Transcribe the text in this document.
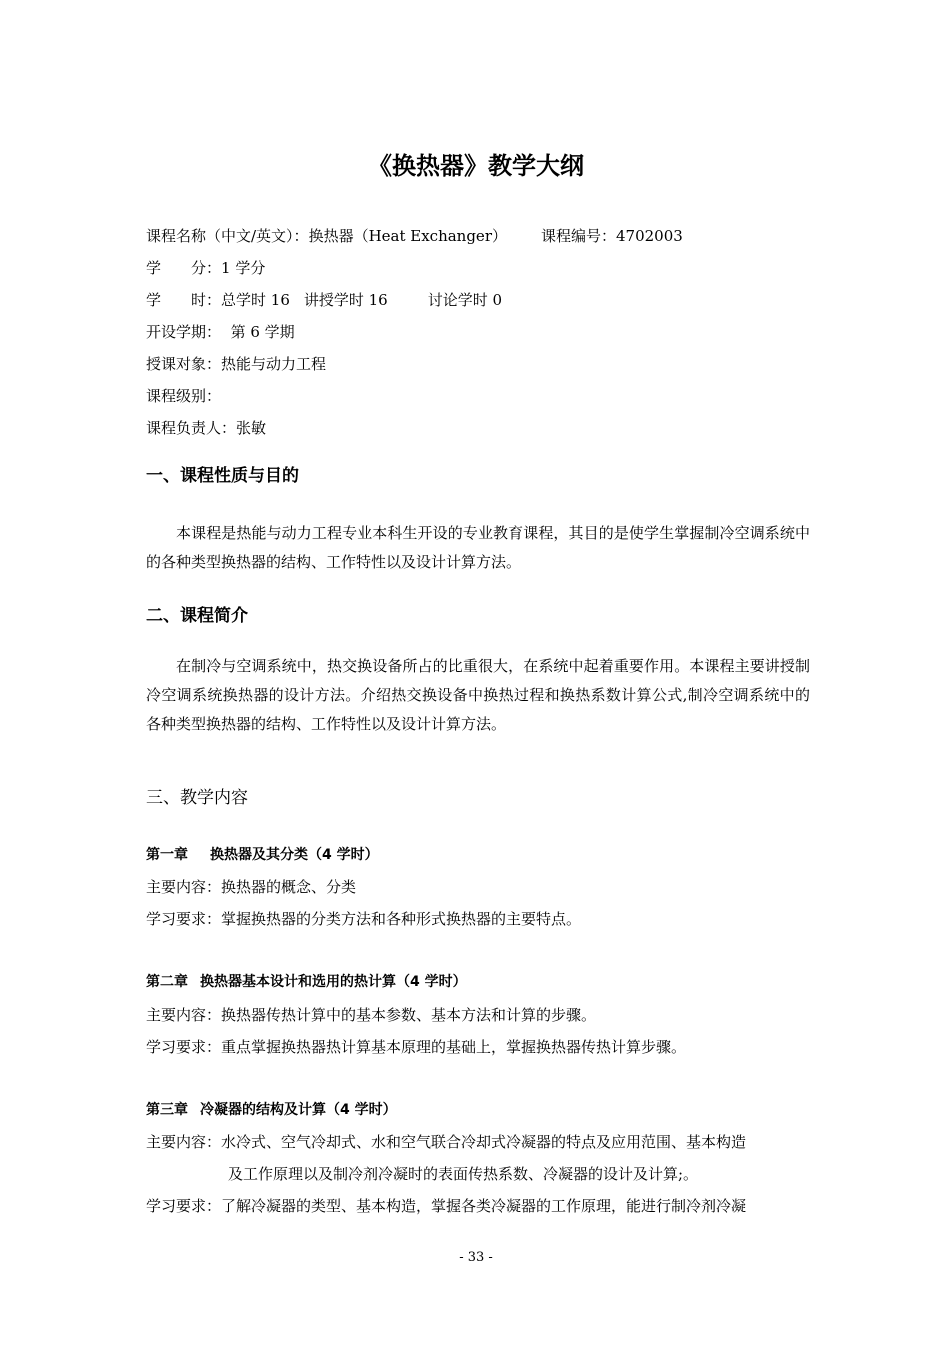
《换热器》教学大纲
课程名称（中文/英文）：换热器（Heat Exchanger） 课程编号：4702003
学　　分：1 学分
学　　时：总学时 16 讲授学时 16	讨论学时 0
开设学期： 第 6 学期
授课对象：热能与动力工程
课程级别：
课程负责人：张敏
一、课程性质与目的
本课程是热能与动力工程专业本科生开设的专业教育课程，其目的是使学生掌握制冷空调系统中的各种类型换热器的结构、工作特性以及设计计算方法。
二、课程简介
在制冷与空调系统中，热交换设备所占的比重很大，在系统中起着重要作用。本课程主要讲授制冷空调系统换热器的设计方法。介绍热交换设备中换热过程和换热系数计算公式,制冷空调系统中的各种类型换热器的结构、工作特性以及设计计算方法。
三、教学内容
第一章 换热器及其分类（4 学时）
主要内容：换热器的概念、分类
学习要求：掌握换热器的分类方法和各种形式换热器的主要特点。
第二章 换热器基本设计和选用的热计算（4 学时）
主要内容：换热器传热计算中的基本参数、基本方法和计算的步骤。
学习要求：重点掌握换热器热计算基本原理的基础上，掌握换热器传热计算步骤。
第三章 冷凝器的结构及计算（4 学时）
主要内容：水冷式、空气冷却式、水和空气联合冷却式冷凝器的特点及应用范围、基本构造
及工作原理以及制冷剂冷凝时的表面传热系数、冷凝器的设计及计算;。
学习要求：了解冷凝器的类型、基本构造，掌握各类冷凝器的工作原理，能进行制冷剂冷凝
- 33 -
